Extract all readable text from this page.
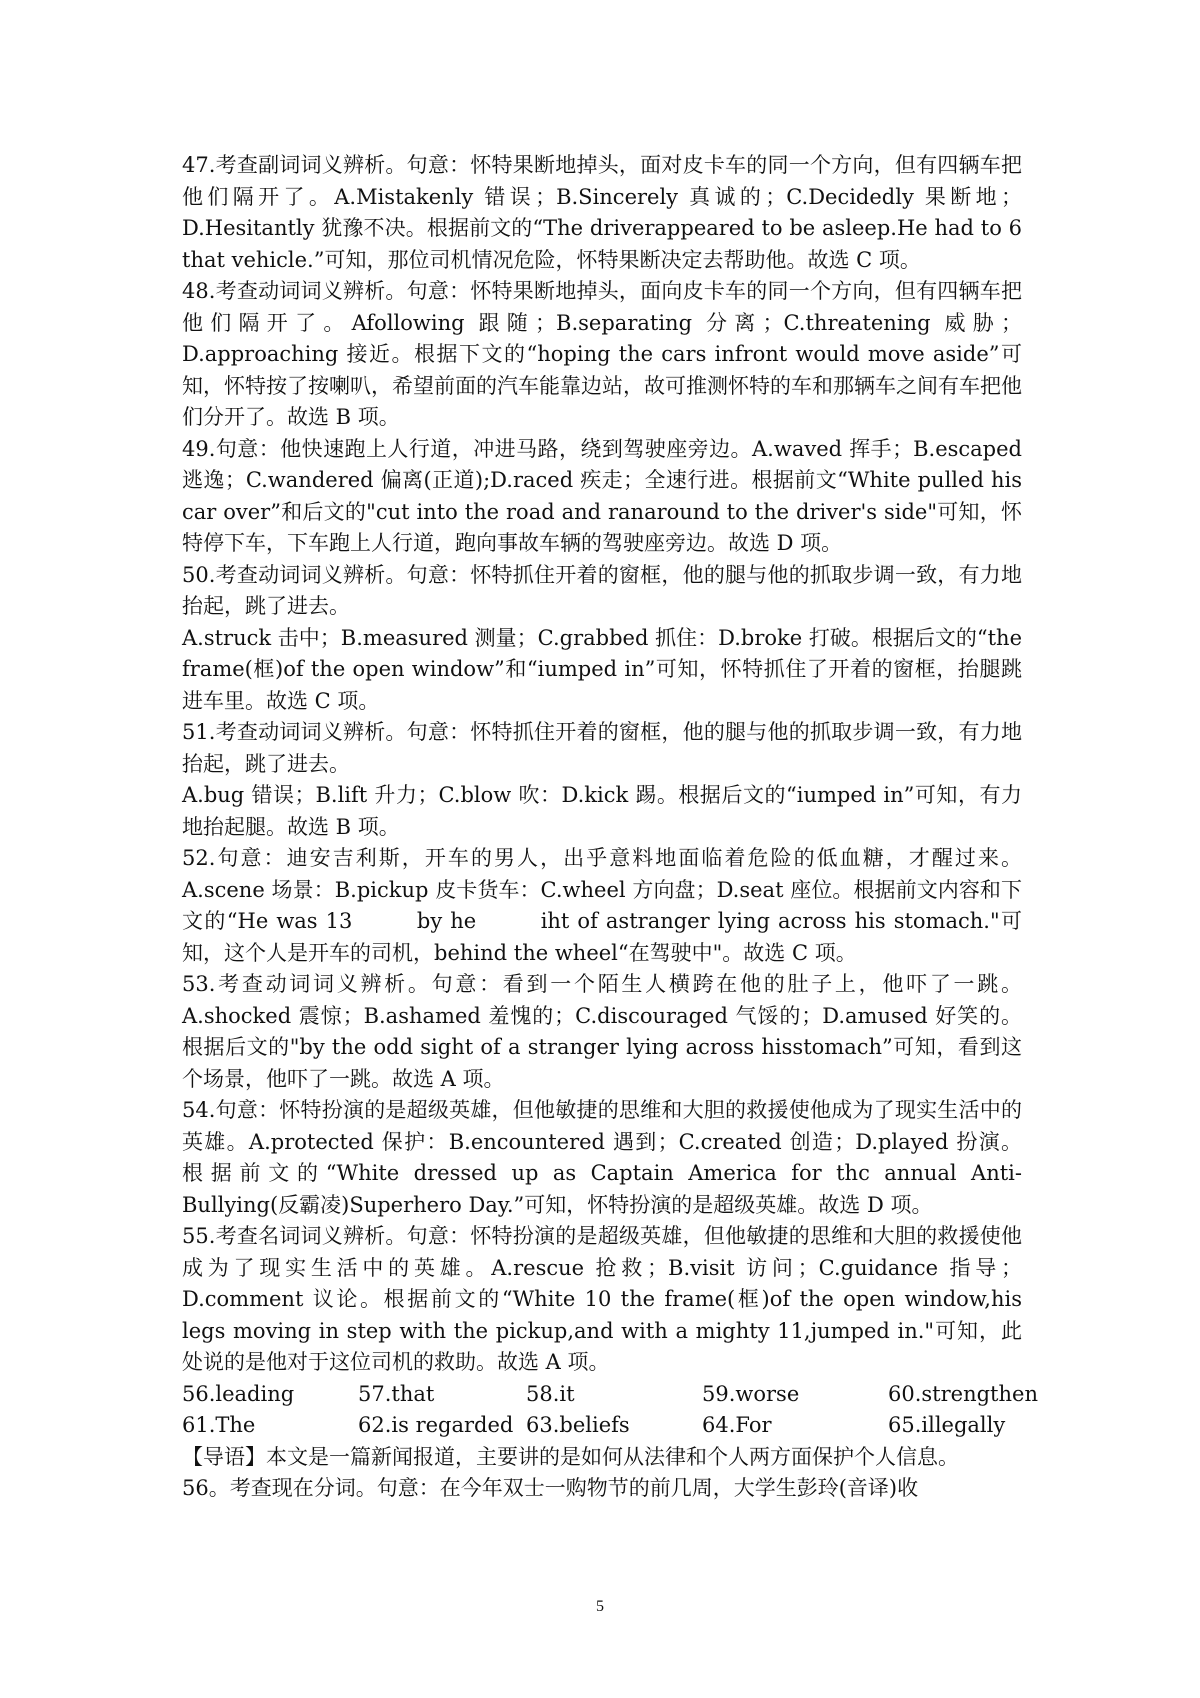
47.考查副词词义辨析。句意：怀特果断地掉头，面对皮卡车的同一个方向，但有四辆车把他们隔开了。A.Mistakenly 错误；B.Sincerely 真诚的；C.Decidedly 果断地；D.Hesitantly 犹豫不决。根据前文的“The driverappeared to be asleep.He had to 6 that vehicle.”可知，那位司机情况危险，怀特果断决定去帮助他。故选 C 项。

48.考查动词词义辨析。句意：怀特果断地掉头，面向皮卡车的同一个方向，但有四辆车把他们隔开了。Afollowing 跟随；B.separating 分离；C.threatening 威胁；D.approaching 接近。根据下文的“hoping the cars infront would move aside”可知，怀特按了按喇叭，希望前面的汽车能靠边站，故可推测怀特的车和那辆车之间有车把他们分开了。故选 B 项。

49.句意：他快速跑上人行道，冲进马路，绕到驾驶座旁边。A.waved 挥手；B.escaped 逃逸；C.wandered 偏离(正道);D.raced 疾走；全速行进。根据前文“White pulled his car over”和后文的"cut into the road and ranaround to the driver's side"可知，怀特停下车，下车跑上人行道，跑向事故车辆的驾驶座旁边。故选 D 项。

50.考查动词词义辨析。句意：怀特抓住开着的窗框，他的腿与他的抓取步调一致，有力地抬起，跳了进去。

A.struck 击中；B.measured 测量；C.grabbed 抓住：D.broke 打破。根据后文的“the frame(框)of the open window”和“iumped in”可知，怀特抓住了开着的窗框，抬腿跳进车里。故选 C 项。

51.考查动词词义辨析。句意：怀特抓住开着的窗框，他的腿与他的抓取步调一致，有力地抬起，跳了进去。

A.bug 错误；B.lift 升力；C.blow 吹：D.kick 踢。根据后文的“iumped in”可知，有力地抬起腿。故选 B 项。

52.句意：迪安吉利斯，开车的男人，出乎意料地面临着危险的低血糖，才醒过来。A.scene 场景：B.pickup 皮卡货车：C.wheel 方向盘；D.seat 座位。根据前文内容和下文的“He was 13        by he        iht of astranger lying across his stomach."可知，这个人是开车的司机，behind the wheel“在驾驶中"。故选 C 项。

53.考查动词词义辨析。句意：看到一个陌生人横跨在他的肚子上，他吓了一跳。A.shocked 震惊；B.ashamed 羞愧的；C.discouraged 气馁的；D.amused 好笑的。根据后文的"by the odd sight of a stranger lying across hisstomach”可知，看到这个场景，他吓了一跳。故选 A 项。

54.句意：怀特扮演的是超级英雄，但他敏捷的思维和大胆的救援使他成为了现实生活中的英雄。A.protected 保护：B.encountered 遇到；C.created 创造；D.played 扮演。根据前文的“White dressed up as Captain America for thc annual Anti-Bullying(反霸凌)Superhero Day.”可知，怀特扮演的是超级英雄。故选 D 项。

55.考查名词词义辨析。句意：怀特扮演的是超级英雄，但他敏捷的思维和大胆的救援使他成为了现实生活中的英雄。A.rescue 抢救；B.visit 访问；C.guidance 指导；D.comment 议论。根据前文的“White 10 the frame(框)of the open window,his legs moving in step with the pickup,and with a mighty 11,jumped in."可知，此处说的是他对于这位司机的救助。故选 A 项。

56.leading	57.that	58.it	59.worse	60.strengthen
61.The	62.is regarded 63.beliefs	64.For	65.illegally

【导语】本文是一篇新闻报道，主要讲的是如何从法律和个人两方面保护个人信息。

56。考查现在分词。句意：在今年双士一购物节的前几周，大学生彭玲(音译)收

5
